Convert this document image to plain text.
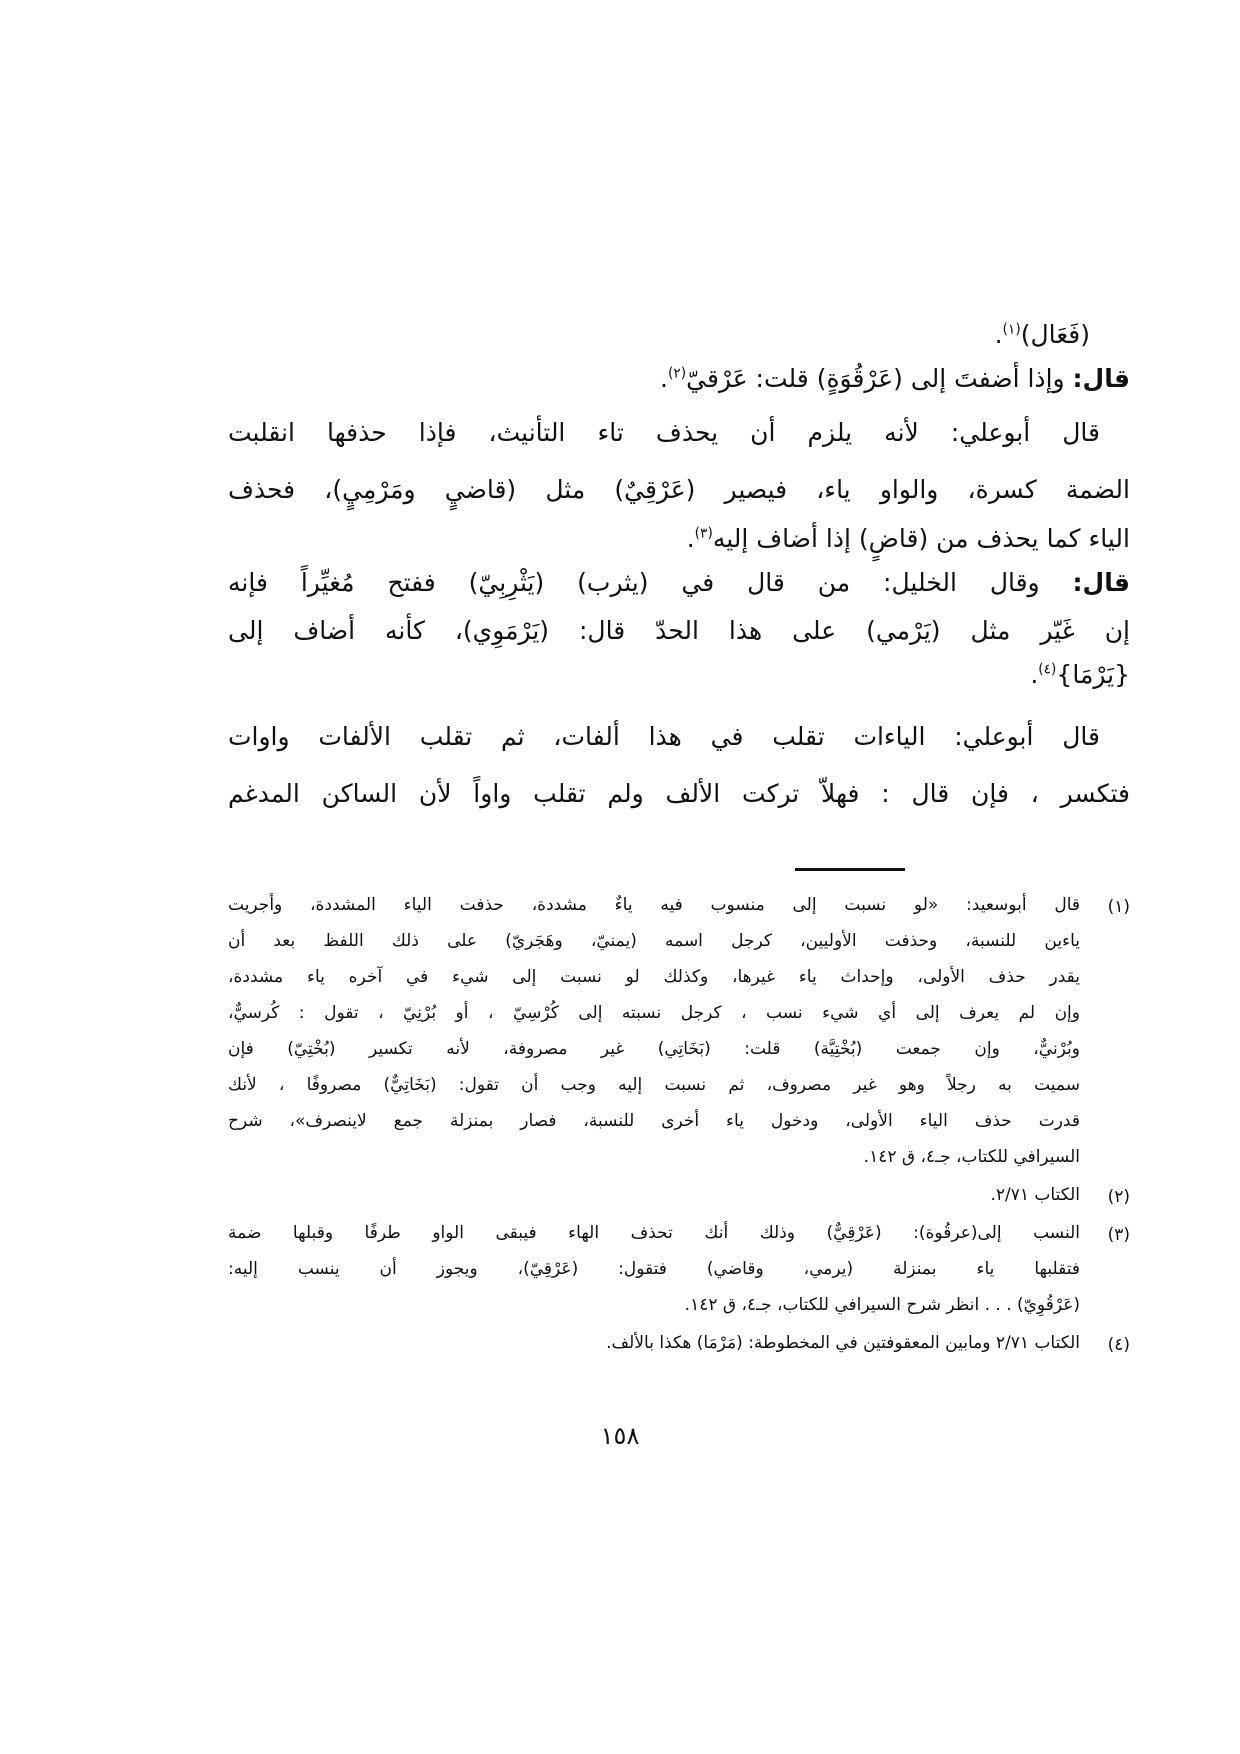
(فَعَال)$^{(١)}$.
قال: وإذا أضفتَ إلى (عَرْقُوَةٍ) قلت: عَرْقيّ$^{(٢)}$.
قال أبوعلي: لأنه يلزم أن يحذف تاء التأنيث، فإذا حذفها انقلبت
الضمة كسرة، والواو ياء، فيصير (عَرْقِيٌ) مثل (قاضيٍ ومَرْمِيٍ)، فحذف
الياء كما يحذف من (قاضٍ) إذا أضاف إليه$^{(٣)}$.
قال: وقال الخليل: من قال في (يثرب) (يَثْرِبِيّ) ففتح مُغيِّراً فإنه
إن غَيّر مثل (يَرْمي) على هذا الحدّ قال: (يَرْمَوِي)، كأنه أضاف إلى
{يَرْمَا}$^{(٤)}$.
قال أبوعلي: الياءات تقلب في هذا ألفات، ثم تقلب الألفات واوات
فتكسر ، فإن قال : فهلاّ تركت الألف ولم تقلب واواً لأن الساكن المدغم
(١)
قال أبوسعيد: «لو نسبت إلى منسوب فيه ياءٌ مشددة، حذفت الياء المشددة، وأجريت
ياءين للنسبة، وحذفت الأوليين، كرجل اسمه (يمنيّ، وهَجَريّ) على ذلك اللفظ بعد أن
يقدر حذف الأولى، وإحداث ياء غيرها، وكذلك لو نسبت إلى شيء في آخره ياء مشددة،
وإن لم يعرف إلى أي شيء نسب ، كرجل نسبته إلى كُرْسِيّ ، أو بُرْنِيّ ، تقول : كُرسيٌّ،
وبُرْنيٌّ، وإن جمعت (بُخْتِيَّة) قلت: (بَخَاتِي) غير مصروفة، لأنه تكسير (بُخْتِيّ) فإن
سميت به رجلاً وهو غير مصروف، ثم نسبت إليه وجب أن تقول: (بَخَاتِيٌّ) مصروفًا ، لأنك
قدرت حذف الياء الأولى، ودخول ياء أخرى للنسبة، فصار بمنزلة جمع لاينصرف»، شرح
السيرافي للكتاب، جـ٤، ق ١٤٢.
(٢)
الكتاب ٢/٧١.
(٣)
النسب إلى(عرقُوة): (عَرْقِيٌّ) وذلك أنك تحذف الهاء فيبقى الواو طرفًا وقبلها ضمة
فتقلبها ياء بمنزلة (يرمي، وقاضي) فتقول: (عَرْقِيّ)، ويجوز أن ينسب إليه:
(عَرْقُوِيّ) . . . انظر شرح السيرافي للكتاب، جـ٤، ق ١٤٢.
(٤)
الكتاب ٢/٧١ ومابين المعقوفتين في المخطوطة: (مَرْمَا) هكذا بالألف.
١٥٨
